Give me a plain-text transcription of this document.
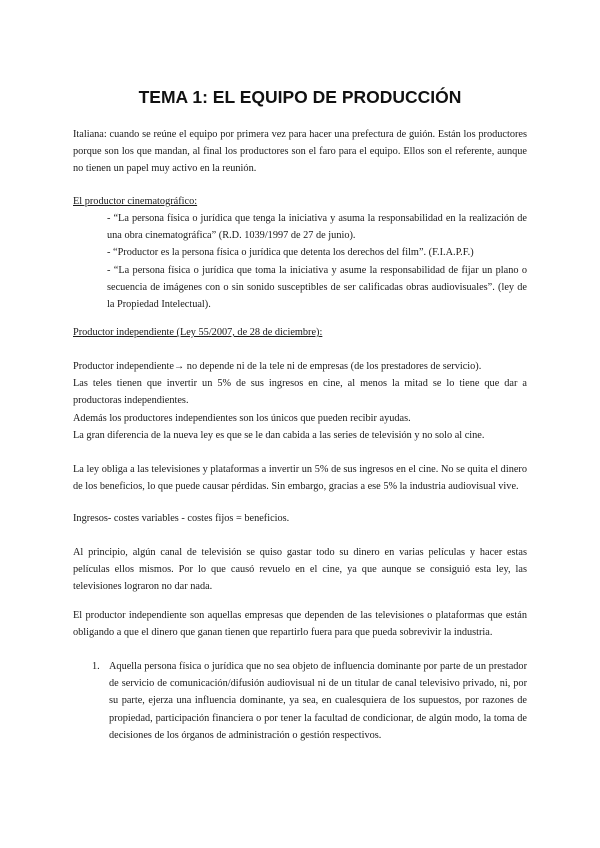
TEMA 1: EL EQUIPO DE PRODUCCIÓN

Italiana: cuando se reúne el equipo por primera vez para hacer una prefectura de guión. Están los productores porque son los que mandan, al final los productores son el faro para el equipo. Ellos son el referente, aunque no tienen un papel muy activo en la reunión.

El productor cinematográfico:

- “La persona física o jurídica que tenga la iniciativa y asuma la responsabilidad en la realización de una obra cinematográfica” (R.D. 1039/1997 de 27 de junio).

- “Productor es la persona física o jurídica que detenta los derechos del film”. (F.I.A.P.F.)

- “La persona física o jurídica que toma la iniciativa y asume la responsabilidad de fijar un plano o secuencia de imágenes con o sin sonido susceptibles de ser calificadas obras audiovisuales”. (ley de la Propiedad Intelectual).

Productor independiente (Ley 55/2007, de 28 de diciembre):

Productor independiente→ no depende ni de la tele ni de empresas (de los prestadores de servicio).

Las teles tienen que invertir un 5% de sus ingresos en cine, al menos la mitad se lo tiene que dar a productoras independientes.

Además los productores independientes son los únicos que pueden recibir ayudas.

La gran diferencia de la nueva ley es que se le dan cabida a las series de televisión y no solo al cine.

La ley obliga a las televisiones y plataformas a invertir un 5% de sus ingresos en el cine. No se quita el dinero de los beneficios, lo que puede causar pérdidas. Sin embargo, gracias a ese 5% la industria audiovisual vive.

Ingresos- costes variables - costes fijos = beneficios.

Al principio, algún canal de televisión se quiso gastar todo su dinero en varias películas y hacer estas películas ellos mismos. Por lo que causó revuelo en el cine, ya que aunque se consiguió esta ley, las televisiones lograron no dar nada.

El productor independiente son aquellas empresas que dependen de las televisiones o plataformas que están obligando a que el dinero que ganan tienen que repartirlo fuera para que pueda sobrevivir la industria.

1. Aquella persona física o jurídica que no sea objeto de influencia dominante por parte de un prestador de servicio de comunicación/difusión audiovisual ni de un titular de canal televisivo privado, ni, por su parte, ejerza una influencia dominante, ya sea, en cualesquiera de los supuestos, por razones de propiedad, participación financiera o por tener la facultad de condicionar, de algún modo, la toma de decisiones de los órganos de administración o gestión respectivos.
